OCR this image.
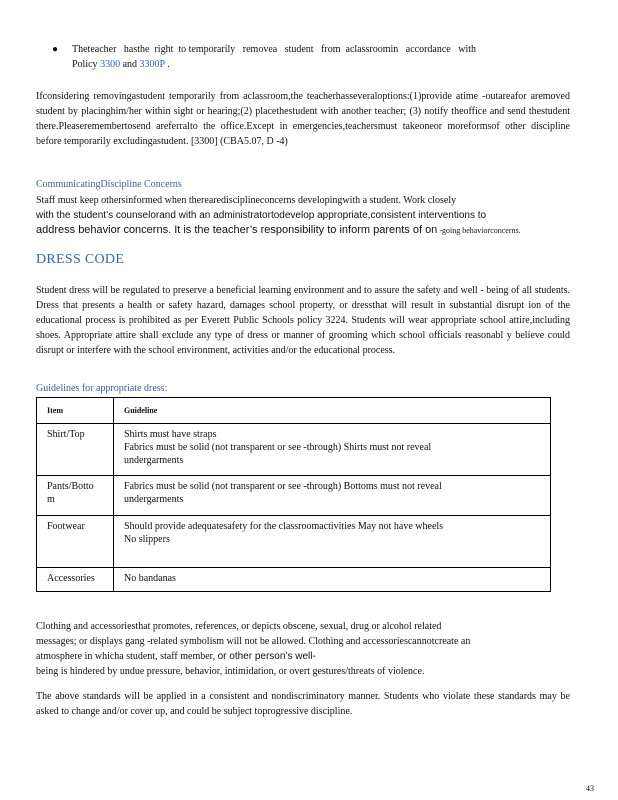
● Theteacher   hasthe  right  to temporarily   removea   student   from  aclassroomin   accordance   with
Policy 3300 and 3300P .

Ifconsidering removingastudent temporarily from aclassroom,the teacherhasseveraloptions:(1)provide atime -outareafor aremoved student by placinghim/her within sight or hearing;(2) placethestudent with another teacher; (3) notify theoffice and send thestudent there.Pleaseremembertosend areferralto the office.Except in emergencies,teachersmust takeoneor moreformsof other discipline before temporarily excludingastudent. [3300] (CBA5.07, D -4)

CommunicatingDiscipline Concerns
Staff must keep othersinformed when therearedisciplineconcerns developingwith a student. Work closely
with the student’s counselorand with an administratortodevelop appropriate,consistent interventions to
address behavior concerns. It is the teacher’s responsibility to inform parents of on -going behaviorconcerns.
DRESS CODE

Student dress will be regulated to preserve a beneficial learning environment and to assure the safety and well - being of all students. Dress that presents a health or safety hazard, damages school property, or dressthat will result in substantial disrupt ion of the educational process is prohibited as per Everett Public Schools policy 3224. Students will wear appropriate school attire,including shoes. Appropriate attire shall exclude any type of dress or manner of grooming which school officials reasonabl y believe could disrupt or interfere with the school environment, activities and/or the educational process.

Guidelines for appropriate dress:
Item	Guideline
Shirt/Top	Shirts must have straps
Fabrics must be solid (not transparent or see -through) Shirts must not reveal
undergarments

Pants/Botto m	Fabrics must be solid (not transparent or see -through) Bottoms must not reveal
undergarments

Footwear	Should provide adequatesafety for the classroomactivities May not have wheels
No slippers

Accessories	No bandanas
Clothing and accessoriesthat promotes, references, or depicts obscene, sexual, drug or alcohol related
messages; or displays gang -related symbolism will not be allowed. Clothing and accessoriescannotcreate an
atmosphere in whicha student, staff member, or other person’s well-
being is hindered by undue pressure, behavior, intimidation, or overt gestures/threats of violence.

The above standards will be applied in a consistent and nondiscriminatory manner. Students who violate these standards may be asked to change and/or cover up, and could be subject toprogressive discipline.

43
